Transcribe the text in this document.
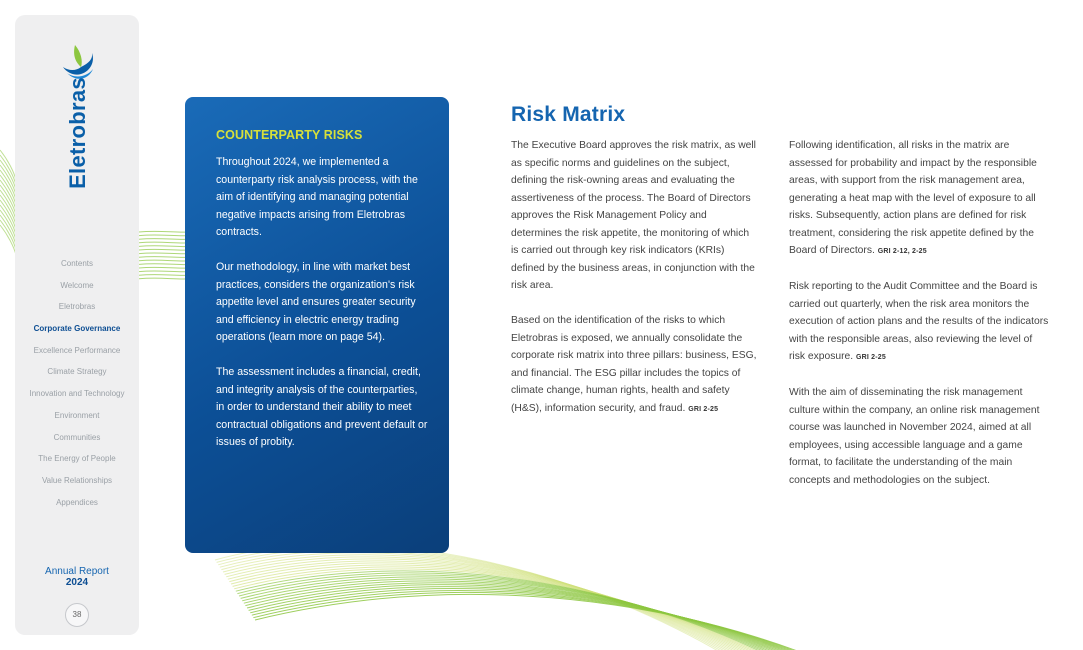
Eletrobras
Contents
Welcome
Eletrobras
Corporate Governance
Excellence Performance
Climate Strategy
Innovation and Technology
Environment
Communities
The Energy of People
Value Relationships
Appendices
Annual Report
2024
38
COUNTERPARTY RISKS

Throughout 2024, we implemented a counterparty risk analysis process, with the aim of identifying and managing potential negative impacts arising from Eletrobras contracts.

Our methodology, in line with market best practices, considers the organization's risk appetite level and ensures greater security and efficiency in electric energy trading operations (learn more on page 54).

The assessment includes a financial, credit, and integrity analysis of the counterparties, in order to understand their ability to meet contractual obligations and prevent default or issues of probity.

Risk Matrix

The Executive Board approves the risk matrix, as well as specific norms and guidelines on the subject, defining the risk-owning areas and evaluating the assertiveness of the process. The Board of Directors approves the Risk Management Policy and determines the risk appetite, the monitoring of which is carried out through key risk indicators (KRIs) defined by the business areas, in conjunction with the risk area.

Based on the identification of the risks to which Eletrobras is exposed, we annually consolidate the corporate risk matrix into three pillars: business, ESG, and financial. The ESG pillar includes the topics of climate change, human rights, health and safety (H&S), information security, and fraud. GRI 2-25

Following identification, all risks in the matrix are assessed for probability and impact by the responsible areas, with support from the risk management area, generating a heat map with the level of exposure to all risks. Subsequently, action plans are defined for risk treatment, considering the risk appetite defined by the Board of Directors. GRI 2-12, 2-25

Risk reporting to the Audit Committee and the Board is carried out quarterly, when the risk area monitors the execution of action plans and the results of the indicators with the responsible areas, also reviewing the level of risk exposure. GRI 2-25

With the aim of disseminating the risk management culture within the company, an online risk management course was launched in November 2024, aimed at all employees, using accessible language and a game format, to facilitate the understanding of the main concepts and methodologies on the subject.
